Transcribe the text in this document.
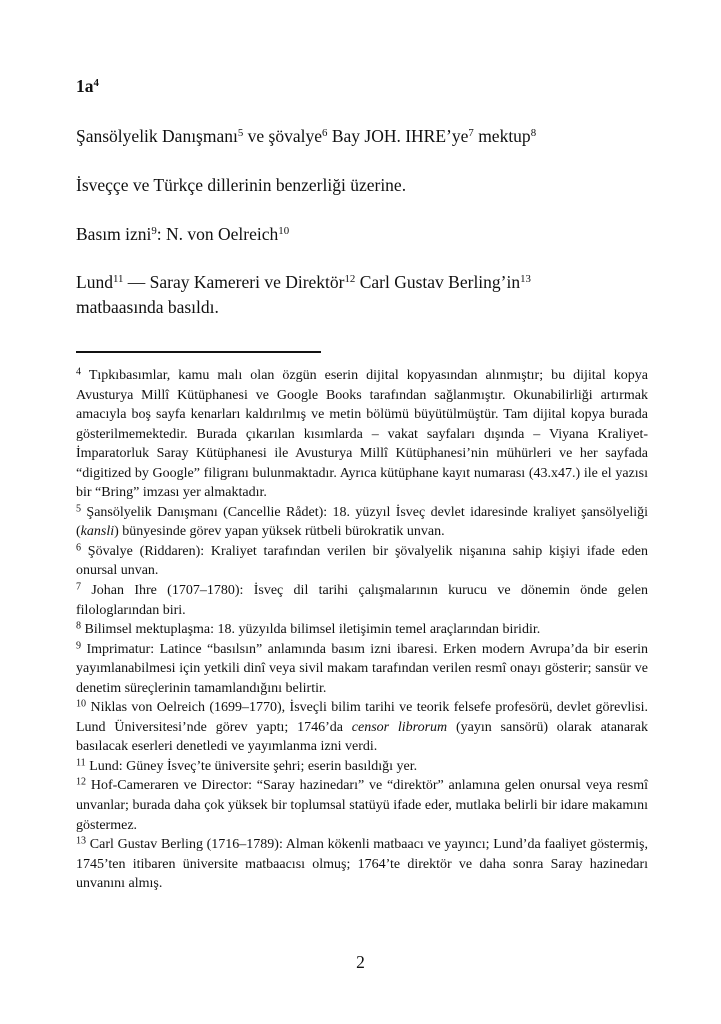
$1a^4$

Şansölyelik Danışmanı$^5$ ve şövalye$^6$ Bay JOH. $IHRE’ye^7$ mektup$^8$

İsveççe ve Türkçe dillerinin benzerliği üzerine.

Basım izni$^9$: N. von Oelreich$^{10}$

Lund$^{11}$ — Saray Kamereri ve Direktör$^{12}$ Carl Gustav $Berling’in^{13}$
matbaasında basıldı.

$^4$ Tıpkıbasımlar, kamu malı olan özgün eserin dijital kopyasından alınmıştır; bu dijital kopya Avusturya Millî Kütüphanesi ve Google Books tarafından sağlanmıştır. Okunabilirliği artırmak amacıyla boş sayfa kenarları kaldırılmış ve metin bölümü büyütülmüştür. Tam dijital kopya burada gösterilmemektedir. Burada çıkarılan kısımlarda – vakat sayfaları dışında – Viyana Kraliyet-İmparatorluk Saray Kütüphanesi ile Avusturya Millî Kütüphanesi’nin mühürleri ve her sayfada “digitized by Google” filigranı bulunmaktadır. Ayrıca kütüphane kayıt numarası (43.x47.) ile el yazısı bir “Bring” imzası yer almaktadır.

$^5$ Şansölyelik Danışmanı (Cancellie Rådet): 18. yüzyıl İsveç devlet idaresinde kraliyet şansölyeliği (kansli) bünyesinde görev yapan yüksek rütbeli bürokratik unvan.

$^6$ Şövalye (Riddaren): Kraliyet tarafından verilen bir şövalyelik nişanına sahip kişiyi ifade eden onursal unvan.

$^7$ Johan Ihre (1707–1780): İsveç dil tarihi çalışmalarının kurucu ve dönemin önde gelen filologlarından biri.

$^8$ Bilimsel mektuplaşma: 18. yüzyılda bilimsel iletişimin temel araçlarından biridir.

$^9$ Imprimatur: Latince “basılsın” anlamında basım izni ibaresi. Erken modern Avrupa’da bir eserin yayımlanabilmesi için yetkili dinî veya sivil makam tarafından verilen resmî onayı gösterir; sansür ve denetim süreçlerinin tamamlandığını belirtir.

$^{10}$ Niklas von Oelreich (1699–1770), İsveçli bilim tarihi ve teorik felsefe profesörü, devlet görevlisi. Lund Üniversitesi’nde görev yaptı; 1746’da censor librorum (yayın sansörü) olarak atanarak basılacak eserleri denetledi ve yayımlanma izni verdi.

$^{11}$ Lund: Güney İsveç’te üniversite şehri; eserin basıldığı yer.

$^{12}$ Hof-Cameraren ve Director: “Saray hazinedarı” ve “direktör” anlamına gelen onursal veya resmî unvanlar; burada daha çok yüksek bir toplumsal statüyü ifade eder, mutlaka belirli bir idare makamını göstermez.

$^{13}$ Carl Gustav Berling (1716–1789): Alman kökenli matbaacı ve yayıncı; Lund’da faaliyet göstermiş, 1745’ten itibaren üniversite matbaacısı olmuş; 1764’te direktör ve daha sonra Saray hazinedarı unvanını almış.

2
